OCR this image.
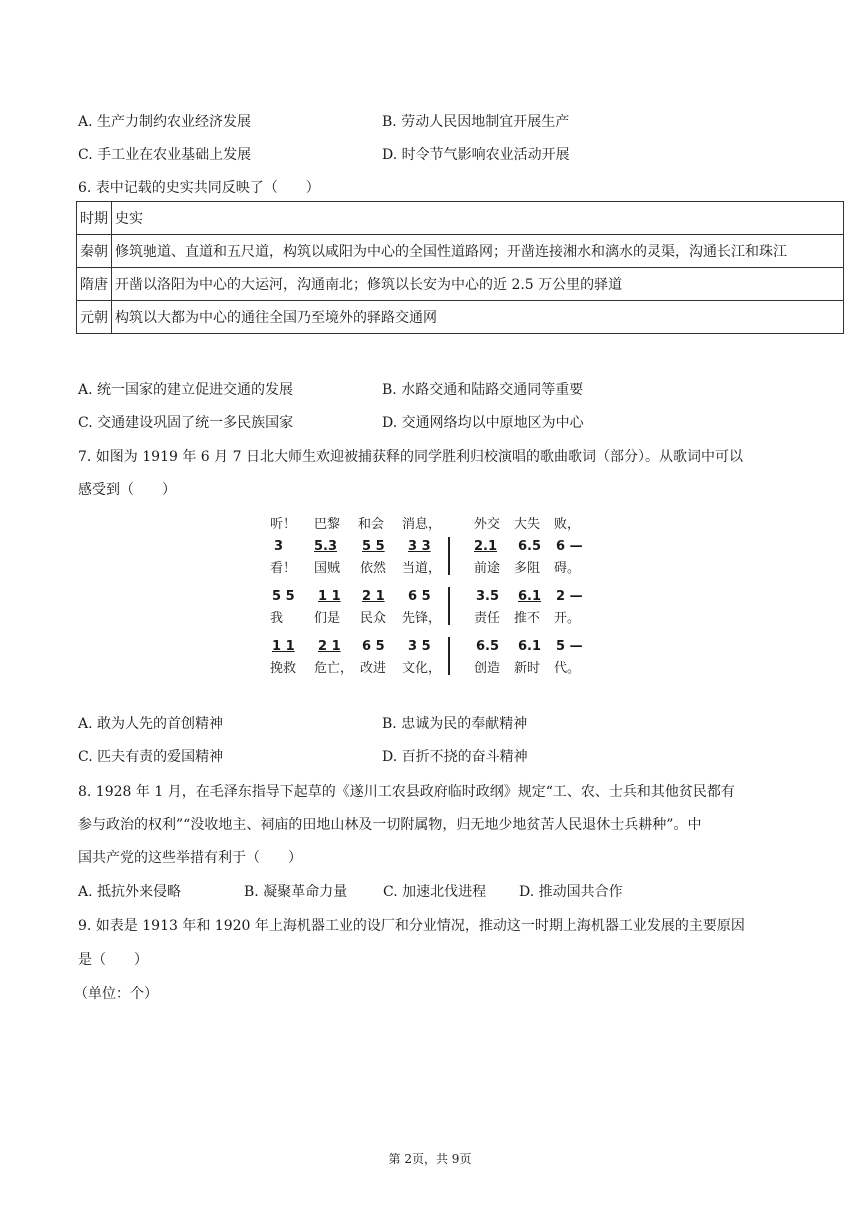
A. 生产力制约农业经济发展	B. 劳动人民因地制宜开展生产
C. 手工业在农业基础上发展	D. 时令节气影响农业活动开展
6. 表中记载的史实共同反映了（　　）
时期	史实
秦朝	修筑驰道、直道和五尺道，构筑以咸阳为中心的全国性道路网；开凿连接湘水和漓水的灵渠，沟通长江和珠江
隋唐	开凿以洛阳为中心的大运河，沟通南北；修筑以长安为中心的近 2.5 万公里的驿道
元朝	构筑以大都为中心的通往全国乃至境外的驿路交通网
A. 统一国家的建立促进交通的发展	B. 水路交通和陆路交通同等重要
C. 交通建设巩固了统一多民族国家	D. 交通网络均以中原地区为中心
7. 如图为 1919 年 6 月 7 日北大师生欢迎被捕获释的同学胜利归校演唱的歌曲歌词（部分）。从歌词中可以
感受到（　　）
听！ 巴黎 和会 消息，	外交 大失 败，
3 5.3 5 5 3 3	2.1 6.5 6 —
看！ 国贼 依然 当道，	前途 多阻 碍。
5 5 1 1 2 1 6 5	3.5 6.1 2 —
我 们是 民众 先锋，	责任 推不 开。
1 1 2 1 6 5 3 5	6.5 6.1 5 —
挽救 危亡， 改进 文化，	创造 新时 代。
A. 敢为人先的首创精神	B. 忠诚为民的奉献精神
C. 匹夫有责的爱国精神	D. 百折不挠的奋斗精神
8. 1928 年 1 月，在毛泽东指导下起草的《遂川工农县政府临时政纲》规定“工、农、士兵和其他贫民都有
参与政治的权利”“没收地主、祠庙的田地山林及一切附属物，归无地少地贫苦人民退休士兵耕种”。中
国共产党的这些举措有利于（　　）
A. 抵抗外来侵略	B. 凝聚革命力量	C. 加速北伐进程 D. 推动国共合作
9. 如表是 1913 年和 1920 年上海机器工业的设厂和分业情况，推动这一时期上海机器工业发展的主要原因
是（　　）
（单位：个）
第 2页，共 9页
